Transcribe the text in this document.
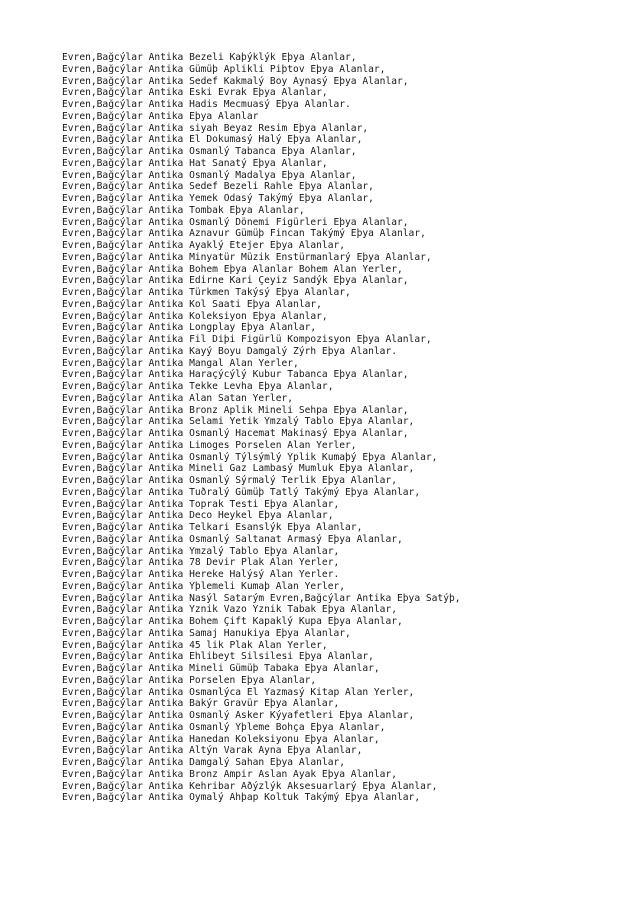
Evren,Bağcýlar Antika Bezeli Kaþýklýk Eþya Alanlar,
Evren,Bağcýlar Antika Gümüþ Aplikli Piþtov Eþya Alanlar,
Evren,Bağcýlar Antika Sedef Kakmalý Boy Aynasý Eþya Alanlar,
Evren,Bağcýlar Antika Eski Evrak Eþya Alanlar,
Evren,Bağcýlar Antika Hadis Mecmuasý Eþya Alanlar.
Evren,Bağcýlar Antika Eþya Alanlar
Evren,Bağcýlar Antika siyah Beyaz Resim Eþya Alanlar,
Evren,Bağcýlar Antika El Dokumasý Halý Eþya Alanlar,
Evren,Bağcýlar Antika Osmanlý Tabanca Eþya Alanlar,
Evren,Bağcýlar Antika Hat Sanatý Eþya Alanlar,
Evren,Bağcýlar Antika Osmanlý Madalya Eþya Alanlar,
Evren,Bağcýlar Antika Sedef Bezeli Rahle Eþya Alanlar,
Evren,Bağcýlar Antika Yemek Odasý Takýmý Eþya Alanlar,
Evren,Bağcýlar Antika Tombak Eþya Alanlar,
Evren,Bağcýlar Antika Osmanlý Dönemi Figürleri Eþya Alanlar,
Evren,Bağcýlar Antika Aznavur Gümüþ Fincan Takýmý Eþya Alanlar,
Evren,Bağcýlar Antika Ayaklý Etejer Eþya Alanlar,
Evren,Bağcýlar Antika Minyatür Müzik Enstürmanlarý Eþya Alanlar,
Evren,Bağcýlar Antika Bohem Eþya Alanlar Bohem Alan Yerler,
Evren,Bağcýlar Antika Edirne Kari Çeyiz Sandýk Eþya Alanlar,
Evren,Bağcýlar Antika Türkmen Takýsý Eþya Alanlar,
Evren,Bağcýlar Antika Kol Saati Eþya Alanlar,
Evren,Bağcýlar Antika Koleksiyon Eþya Alanlar,
Evren,Bağcýlar Antika Longplay Eþya Alanlar,
Evren,Bağcýlar Antika Fil Diþi Figürlü Kompozisyon Eþya Alanlar,
Evren,Bağcýlar Antika Kayý Boyu Damgalý Zýrh Eþya Alanlar.
Evren,Bağcýlar Antika Mangal Alan Yerler,
Evren,Bağcýlar Antika Haraçýcýlý Kubur Tabanca Eþya Alanlar,
Evren,Bağcýlar Antika Tekke Levha Eþya Alanlar,
Evren,Bağcýlar Antika Alan Satan Yerler,
Evren,Bağcýlar Antika Bronz Aplik Mineli Sehpa Eþya Alanlar,
Evren,Bağcýlar Antika Selami Yetik Ýmzalý Tablo Eþya Alanlar,
Evren,Bağcýlar Antika Osmanlý Hacemat Makinasý Eþya Alanlar,
Evren,Bağcýlar Antika Limoges Porselen Alan Yerler,
Evren,Bağcýlar Antika Osmanlý Týlsýmlý Ýplik Kumaþý Eþya Alanlar,
Evren,Bağcýlar Antika Mineli Gaz Lambasý Mumluk Eþya Alanlar,
Evren,Bağcýlar Antika Osmanlý Sýrmalý Terlik Eþya Alanlar,
Evren,Bağcýlar Antika Tuðralý Gümüþ Tatlý Takýmý Eþya Alanlar,
Evren,Bağcýlar Antika Toprak Testi Eþya Alanlar,
Evren,Bağcýlar Antika Deco Heykel Eþya Alanlar,
Evren,Bağcýlar Antika Telkari Esanslýk Eþya Alanlar,
Evren,Bağcýlar Antika Osmanlý Saltanat Armasý Eþya Alanlar,
Evren,Bağcýlar Antika Ýmzalý Tablo Eþya Alanlar,
Evren,Bağcýlar Antika 78 Devir Plak Alan Yerler,
Evren,Bağcýlar Antika Hereke Halýsý Alan Yerler.
Evren,Bağcýlar Antika Ýþlemeli Kumaþ Alan Yerler,
Evren,Bağcýlar Antika Nasýl Satarým Evren,Bağcýlar Antika Eþya Satýþ,
Evren,Bağcýlar Antika Ýznik Vazo Ýznik Tabak Eþya Alanlar,
Evren,Bağcýlar Antika Bohem Çift Kapaklý Kupa Eþya Alanlar,
Evren,Bağcýlar Antika Samaj Hanukiya Eþya Alanlar,
Evren,Bağcýlar Antika 45 lik Plak Alan Yerler,
Evren,Bağcýlar Antika Ehlibeyt Silsilesi Eþya Alanlar,
Evren,Bağcýlar Antika Mineli Gümüþ Tabaka Eþya Alanlar,
Evren,Bağcýlar Antika Porselen Eþya Alanlar,
Evren,Bağcýlar Antika Osmanlýca El Yazmasý Kitap Alan Yerler,
Evren,Bağcýlar Antika Bakýr Gravür Eþya Alanlar,
Evren,Bağcýlar Antika Osmanlý Asker Kýyafetleri Eþya Alanlar,
Evren,Bağcýlar Antika Osmanlý Ýþleme Bohça Eþya Alanlar,
Evren,Bağcýlar Antika Hanedan Koleksiyonu Eþya Alanlar,
Evren,Bağcýlar Antika Altýn Varak Ayna Eþya Alanlar,
Evren,Bağcýlar Antika Damgalý Sahan Eþya Alanlar,
Evren,Bağcýlar Antika Bronz Ampir Aslan Ayak Eþya Alanlar,
Evren,Bağcýlar Antika Kehribar Aðýzlýk Aksesuarlarý Eþya Alanlar,
Evren,Bağcýlar Antika Oymalý Ahþap Koltuk Takýmý Eþya Alanlar,
